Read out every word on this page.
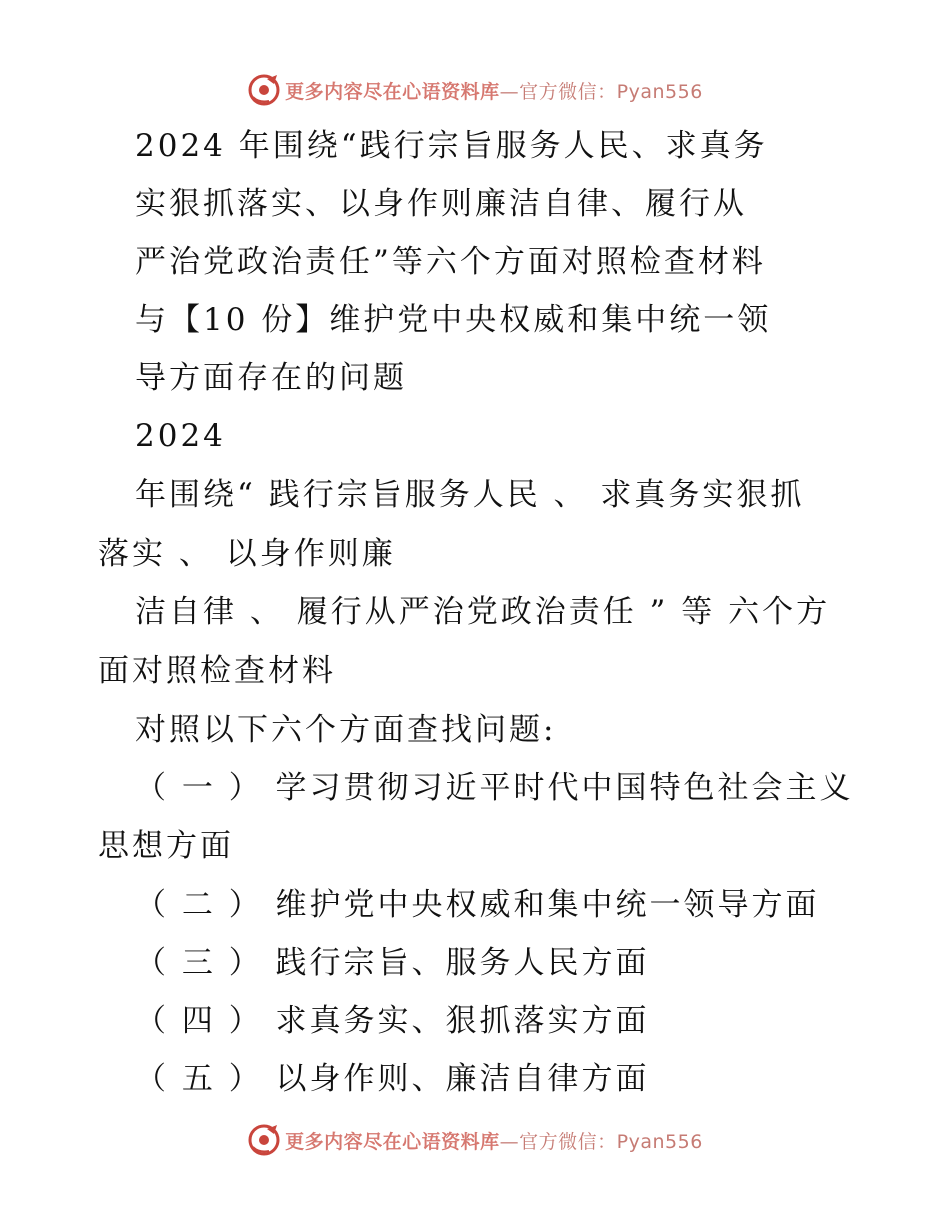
更多内容尽在心语资料库—官方微信：Pyan556
2024 年围绕“践行宗旨服务人民、求真务
实狠抓落实、以身作则廉洁自律、履行从
严治党政治责任”等六个方面对照检查材料
与【10 份】维护党中央权威和集中统一领
导方面存在的问题
2024
年围绕“ 践行宗旨服务人民 、 求真务实狠抓
落实 、 以身作则廉
洁自律 、 履行从严治党政治责任 ” 等 六个方
面对照检查材料
对照以下六个方面查找问题:
（ 一 ） 学习贯彻习近平时代中国特色社会主义
思想方面
（ 二 ） 维护党中央权威和集中统一领导方面
（ 三 ） 践行宗旨、服务人民方面
（ 四 ） 求真务实、狠抓落实方面
（ 五 ） 以身作则、廉洁自律方面
更多内容尽在心语资料库—官方微信：Pyan556
